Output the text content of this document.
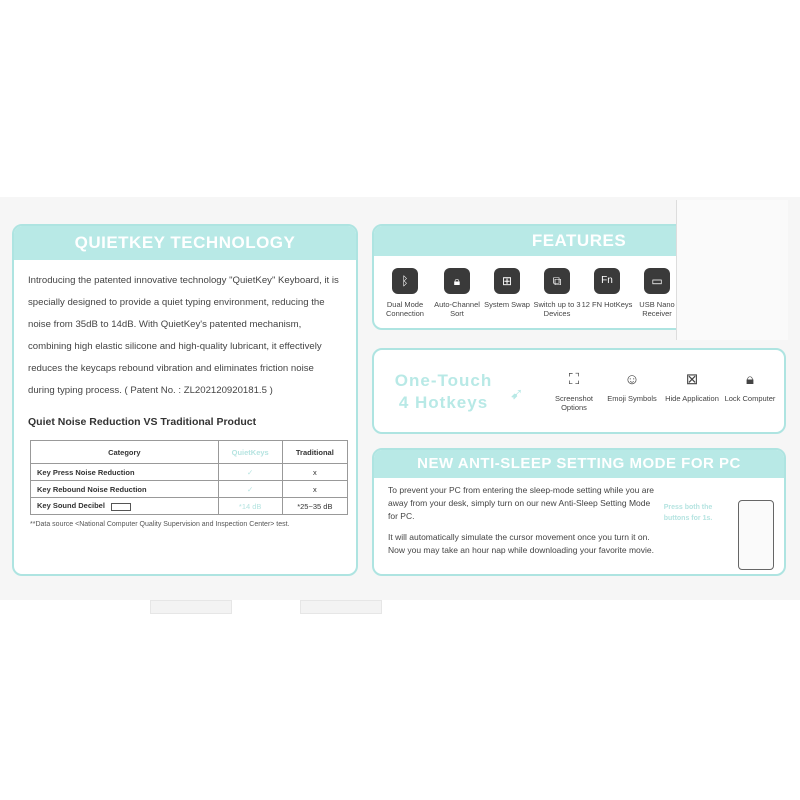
QUIETKEY TECHNOLOGY
Introducing the patented innovative technology "QuietKey" Keyboard, it is specially designed to provide a quiet typing environment, reducing the noise from 35dB to 14dB. With QuietKey's patented mechanism, combining high elastic silicone and high-quality lubricant, it effectively reduces the keycaps rebound vibration and eliminates friction noise during typing process. ( Patent No. : ZL202120920181.5 )
Quiet Noise Reduction VS Traditional Product
Category	QuietKeys	Traditional
Key Press Noise Reduction	✓	x
Key Rebound Noise Reduction	✓	x
Key Sound Decibel	*14 dB	*25~35 dB
**Data source <National Computer Quality Supervision and Inspection Center> test.
FEATURES
ᛒ
Dual Mode Connection
🔒︎
Auto-Channel Sort
⊞
System Swap
⧉
Switch up to 3 Devices
Fn
12 FN HotKeys
▭
USB Nano Receiver
One-Touch
4 Hotkeys	➹
⛶
Screenshot Options
☺
Emoji Symbols
⊠
Hide Application
🔒︎
Lock Computer
NEW ANTI-SLEEP SETTING MODE FOR PC

To prevent your PC from entering the sleep-mode setting while you are away from your desk, simply turn on our new Anti-Sleep Setting Mode for PC.

It will automatically simulate the cursor movement once you turn it on. Now you may take an hour nap while downloading your favorite movie.

Press both the buttons for 1s.
